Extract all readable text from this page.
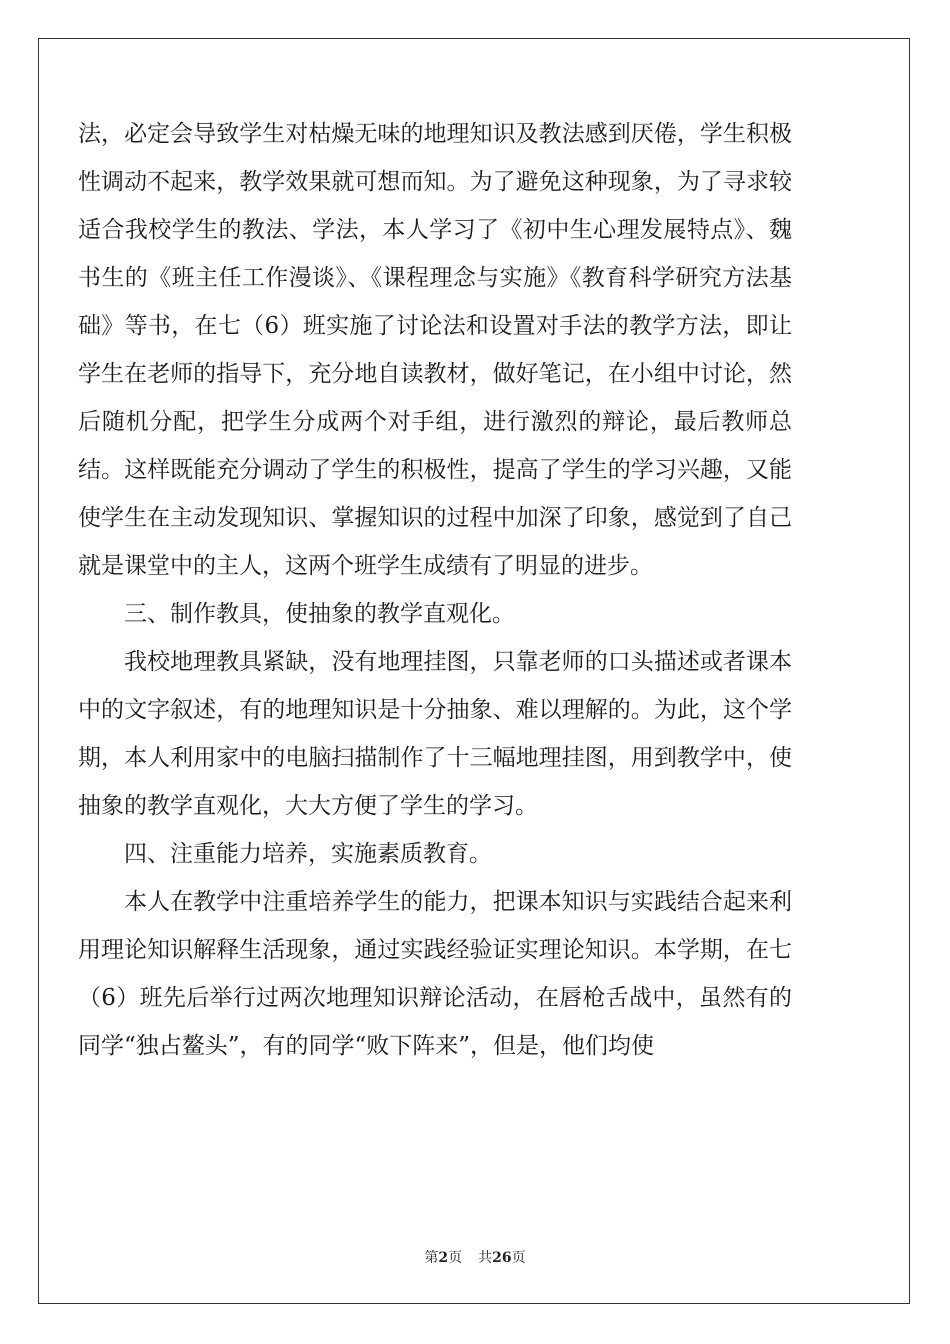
法，必定会导致学生对枯燥无味的地理知识及教法感到厌倦，学生积极性调动不起来，教学效果就可想而知。为了避免这种现象，为了寻求较适合我校学生的教法、学法，本人学习了《初中生心理发展特点》、魏书生的《班主任工作漫谈》、《课程理念与实施》《教育科学研究方法基础》等书，在七（6）班实施了讨论法和设置对手法的教学方法，即让学生在老师的指导下，充分地自读教材，做好笔记，在小组中讨论，然后随机分配，把学生分成两个对手组，进行激烈的辩论，最后教师总结。这样既能充分调动了学生的积极性，提高了学生的学习兴趣，又能使学生在主动发现知识、掌握知识的过程中加深了印象，感觉到了自己就是课堂中的主人，这两个班学生成绩有了明显的进步。

三、制作教具，使抽象的教学直观化。

我校地理教具紧缺，没有地理挂图，只靠老师的口头描述或者课本中的文字叙述，有的地理知识是十分抽象、难以理解的。为此，这个学期，本人利用家中的电脑扫描制作了十三幅地理挂图，用到教学中，使抽象的教学直观化，大大方便了学生的学习。

四、注重能力培养，实施素质教育。

本人在教学中注重培养学生的能力，把课本知识与实践结合起来利用理论知识解释生活现象，通过实践经验证实理论知识。本学期，在七（6）班先后举行过两次地理知识辩论活动，在唇枪舌战中，虽然有的同学“独占鳌头”，有的同学“败下阵来”，但是，他们均使

第2页 共26页
